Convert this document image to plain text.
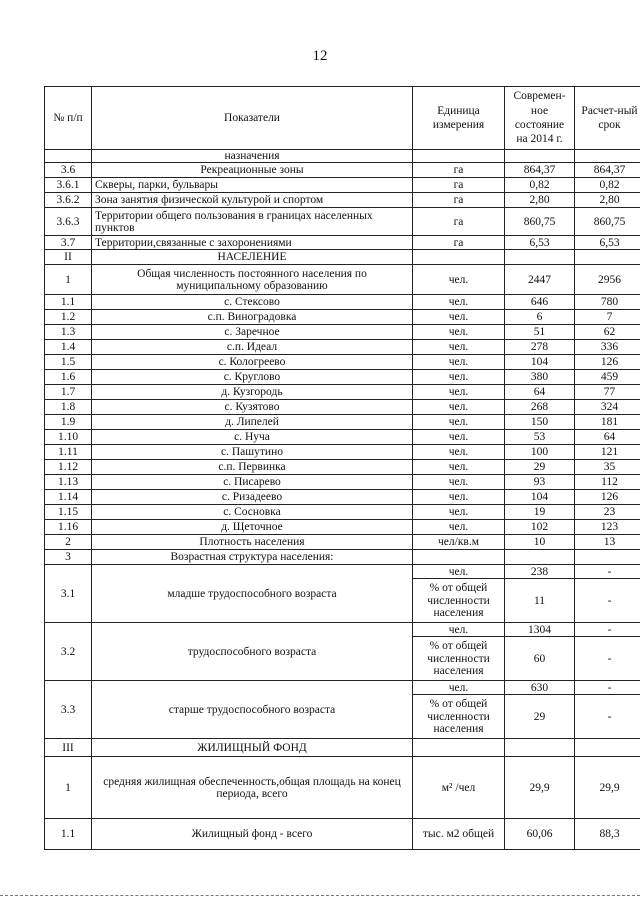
12
№ п/п	Показатели	Единица измерения	Современ-ное состояние на 2014 г.	Расчет-ный срок
	назначения			
3.6	Рекреационные зоны	га	864,37	864,37
3.6.1	Скверы, парки, бульвары	га	0,82	0,82
3.6.2	Зона занятия физической культурой и спортом	га	2,80	2,80
3.6.3	Территории общего пользования в границах населенных пунктов	га	860,75	860,75
3.7	Территории,связанные с захоронениями	га	6,53	6,53
II	НАСЕЛЕНИЕ			
1	Общая численность постоянного населения по муниципальному образованию	чел.	2447	2956
1.1	с. Стексово	чел.	646	780
1.2	с.п. Виноградовка	чел.	6	7
1.3	с. Заречное	чел.	51	62
1.4	с.п. Идеал	чел.	278	336
1.5	с. Кологреево	чел.	104	126
1.6	с. Круглово	чел.	380	459
1.7	д. Кузгородь	чел.	64	77
1.8	с. Кузятово	чел.	268	324
1.9	д. Липелей	чел.	150	181
1.10	с. Нуча	чел.	53	64
1.11	с. Пашутино	чел.	100	121
1.12	с.п. Первинка	чел.	29	35
1.13	с. Писарево	чел.	93	112
1.14	с. Ризадеево	чел.	104	126
1.15	с. Сосновка	чел.	19	23
1.16	д. Щеточное	чел.	102	123
2	Плотность населения	чел/кв.м	10	13
3	Возрастная структура населения:			
3.1	младше трудоспособного возраста	чел.	238	-
		% от общей численности населения	11	-
3.2	трудоспособного возраста	чел.	1304	-
		% от общей численности населения	60	-
3.3	старше трудоспособного возраста	чел.	630	-
		% от общей численности населения	29	-
III	ЖИЛИЩНЫЙ ФОНД			
1	средняя жилищная обеспеченность,общая площадь на конец периода, всего	м² /чел	29,9	29,9
1.1	Жилищный фонд - всего	тыс. м2 общей	60,06	88,3
